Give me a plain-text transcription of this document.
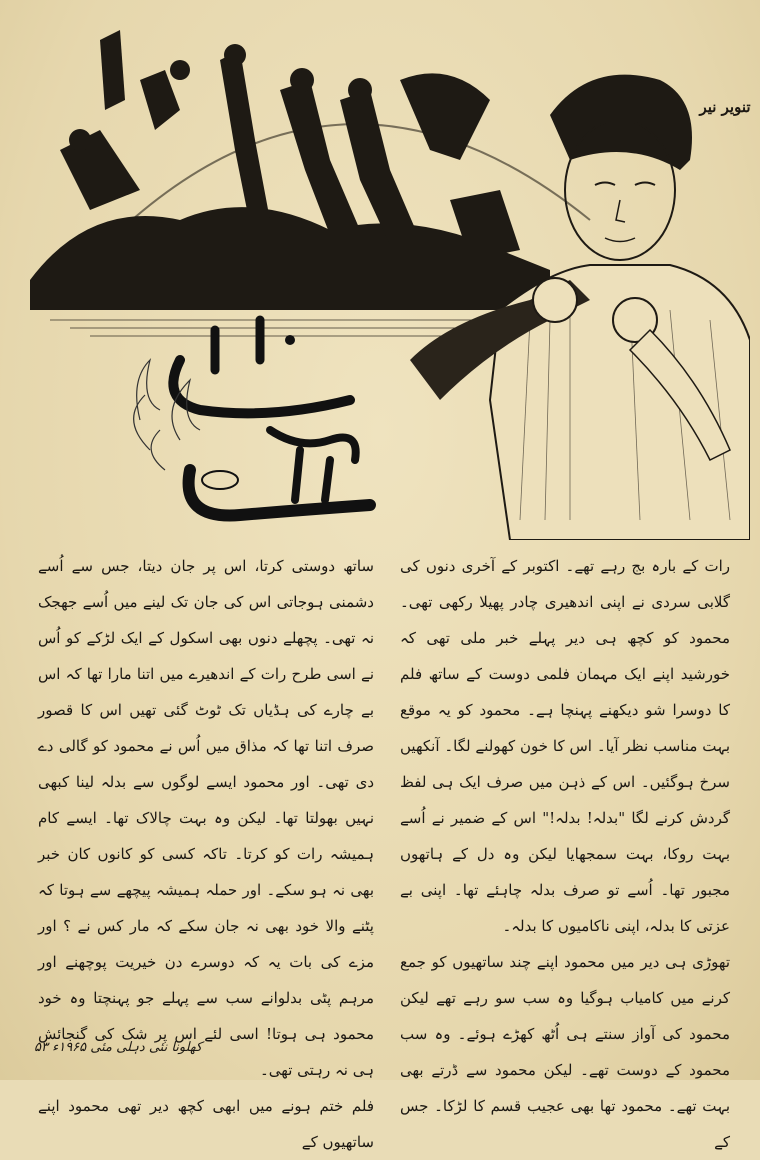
تنویر نیر

رات کے بارہ بج رہے تھے۔ اکتوبر کے آخری دنوں کی گلابی سردی نے اپنی اندھیری چادر پھیلا رکھی تھی۔ محمود کو کچھ ہی دیر پہلے خبر ملی تھی کہ خورشید اپنے ایک مہمان فلمی دوست کے ساتھ فلم کا دوسرا شو دیکھنے پہنچا ہے۔ محمود کو یہ موقع بہت مناسب نظر آیا۔ اس کا خون کھولنے لگا۔ آنکھیں سرخ ہوگئیں۔ اس کے ذہن میں صرف ایک ہی لفظ گردش کرنے لگا "بدلہ! بدلہ!" اس کے ضمیر نے اُسے بہت روکا، بہت سمجھایا لیکن وہ دل کے ہاتھوں مجبور تھا۔ اُسے تو صرف بدلہ چاہئے تھا۔ اپنی بے عزتی کا بدلہ، اپنی ناکامیوں کا بدلہ۔

تھوڑی ہی دیر میں محمود اپنے چند ساتھیوں کو جمع کرنے میں کامیاب ہوگیا وہ سب سو رہے تھے لیکن محمود کی آواز سنتے ہی اُٹھ کھڑے ہوئے۔ وہ سب محمود کے دوست تھے۔ لیکن محمود سے ڈرتے بھی بہت تھے۔ محمود تھا بھی عجیب قسم کا لڑکا۔ جس کے

ساتھ دوستی کرتا، اس پر جان دیتا، جس سے اُسے دشمنی ہوجاتی اس کی جان تک لینے میں اُسے جھجک نہ تھی۔ پچھلے دنوں بھی اسکول کے ایک لڑکے کو اُس نے اسی طرح رات کے اندھیرے میں اتنا مارا تھا کہ اس بے چارے کی ہڈیاں تک ٹوٹ گئی تھیں اس کا قصور صرف اتنا تھا کہ مذاق میں اُس نے محمود کو گالی دے دی تھی۔ اور محمود ایسے لوگوں سے بدلہ لینا کبھی نہیں بھولتا تھا۔ لیکن وہ بہت چالاک تھا۔ ایسے کام ہمیشہ رات کو کرتا۔ تاکہ کسی کو کانوں کان خبر بھی نہ ہو سکے۔ اور حملہ ہمیشہ پیچھے سے ہوتا کہ پٹنے والا خود بھی نہ جان سکے کہ مار کس نے ؟ اور مزے کی بات یہ کہ دوسرے دن خیریت پوچھنے اور مرہم پٹی بدلوانے سب سے پہلے جو پہنچتا وہ خود محمود ہی ہوتا! اسی لئے اس پر شک کی گنجائش ہی نہ رہتی تھی۔

فلم ختم ہونے میں ابھی کچھ دیر تھی محمود اپنے ساتھیوں کے

کھلونا نئی دہلی مئی ۱۹۶۵ء ۵۳
